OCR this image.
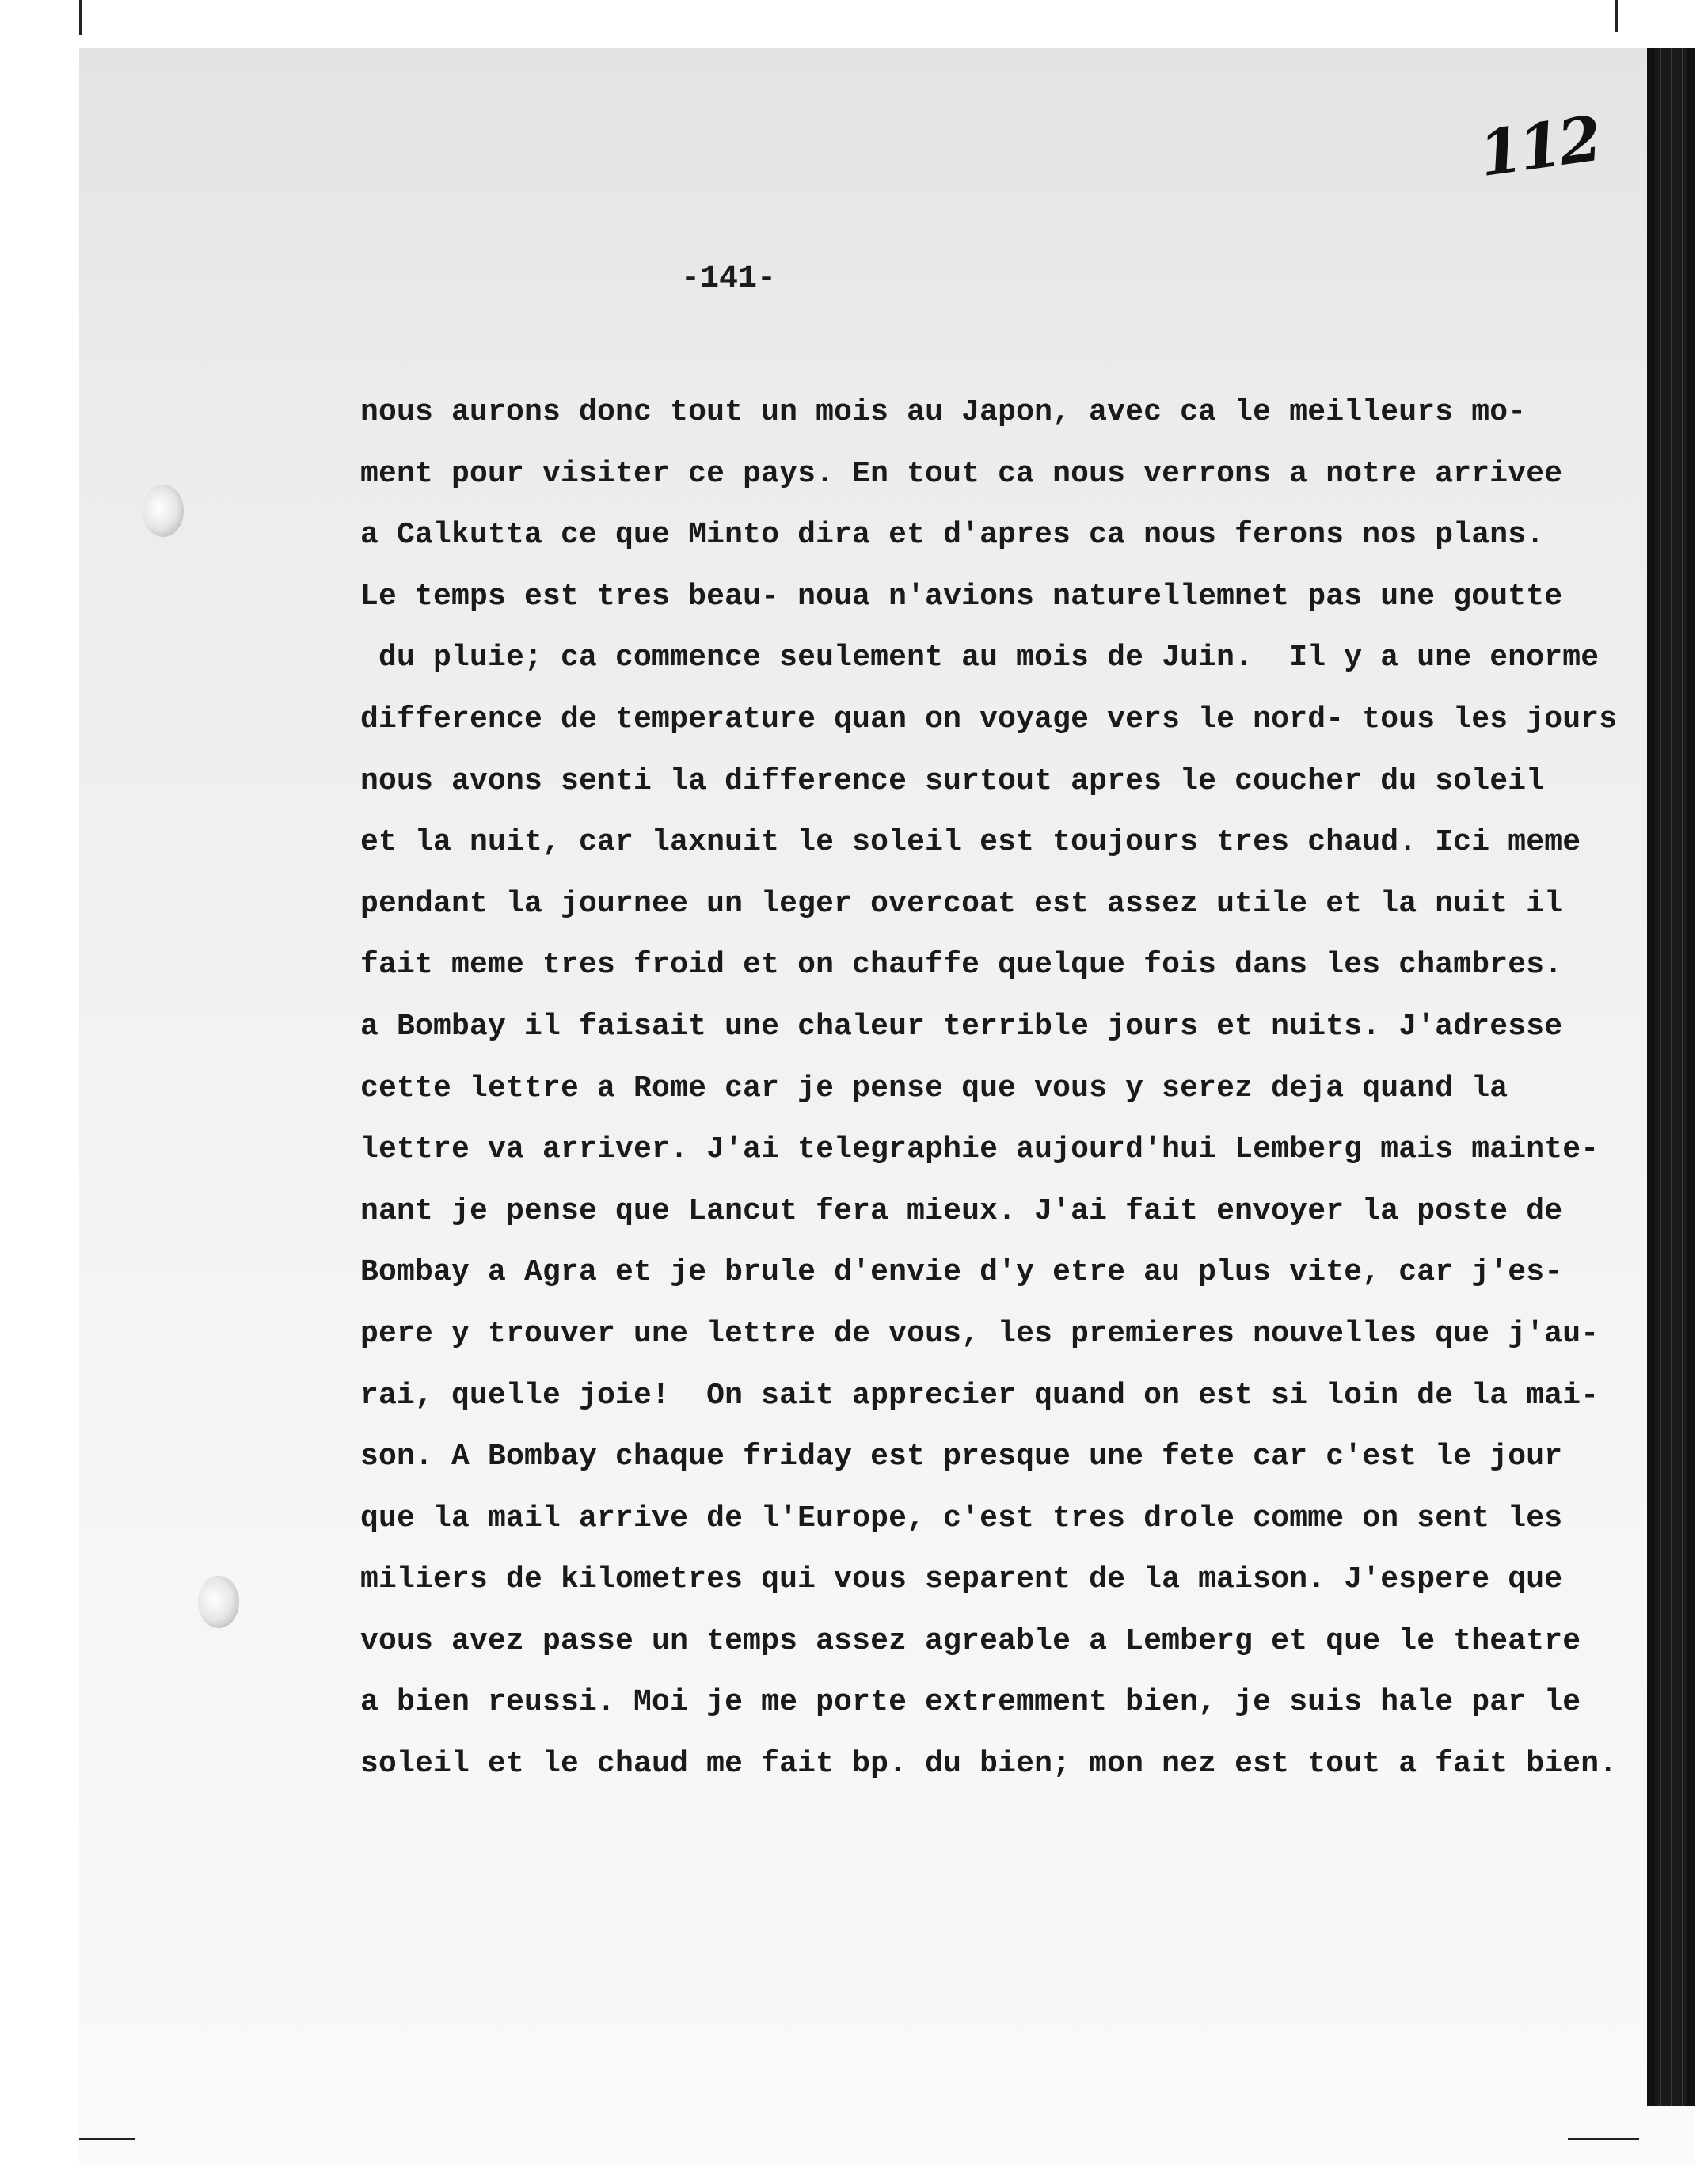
112
-141-
nous aurons donc tout un mois au Japon, avec ca le meilleurs mo-
ment pour visiter ce pays. En tout ca nous verrons a notre arrivee
a Calkutta ce que Minto dira et d'apres ca nous ferons nos plans.
Le temps est tres beau- noua n'avions naturellemnet pas une goutte
du pluie; ca commence seulement au mois de Juin.  Il y a une enorme
difference de temperature quan on voyage vers le nord- tous les jours
nous avons senti la difference surtout apres le coucher du soleil
et la nuit, car laxnuit le soleil est toujours tres chaud. Ici meme
pendant la journee un leger overcoat est assez utile et la nuit il
fait meme tres froid et on chauffe quelque fois dans les chambres.
a Bombay il faisait une chaleur terrible jours et nuits. J'adresse
cette lettre a Rome car je pense que vous y serez deja quand la
lettre va arriver. J'ai telegraphie aujourd'hui Lemberg mais mainte-
nant je pense que Lancut fera mieux. J'ai fait envoyer la poste de
Bombay a Agra et je brule d'envie d'y etre au plus vite, car j'es-
pere y trouver une lettre de vous, les premieres nouvelles que j'au-
rai, quelle joie!  On sait apprecier quand on est si loin de la mai-
son. A Bombay chaque friday est presque une fete car c'est le jour
que la mail arrive de l'Europe, c'est tres drole comme on sent les
miliers de kilometres qui vous separent de la maison. J'espere que
vous avez passe un temps assez agreable a Lemberg et que le theatre
a bien reussi. Moi je me porte extremment bien, je suis hale par le
soleil et le chaud me fait bp. du bien; mon nez est tout a fait bien.
